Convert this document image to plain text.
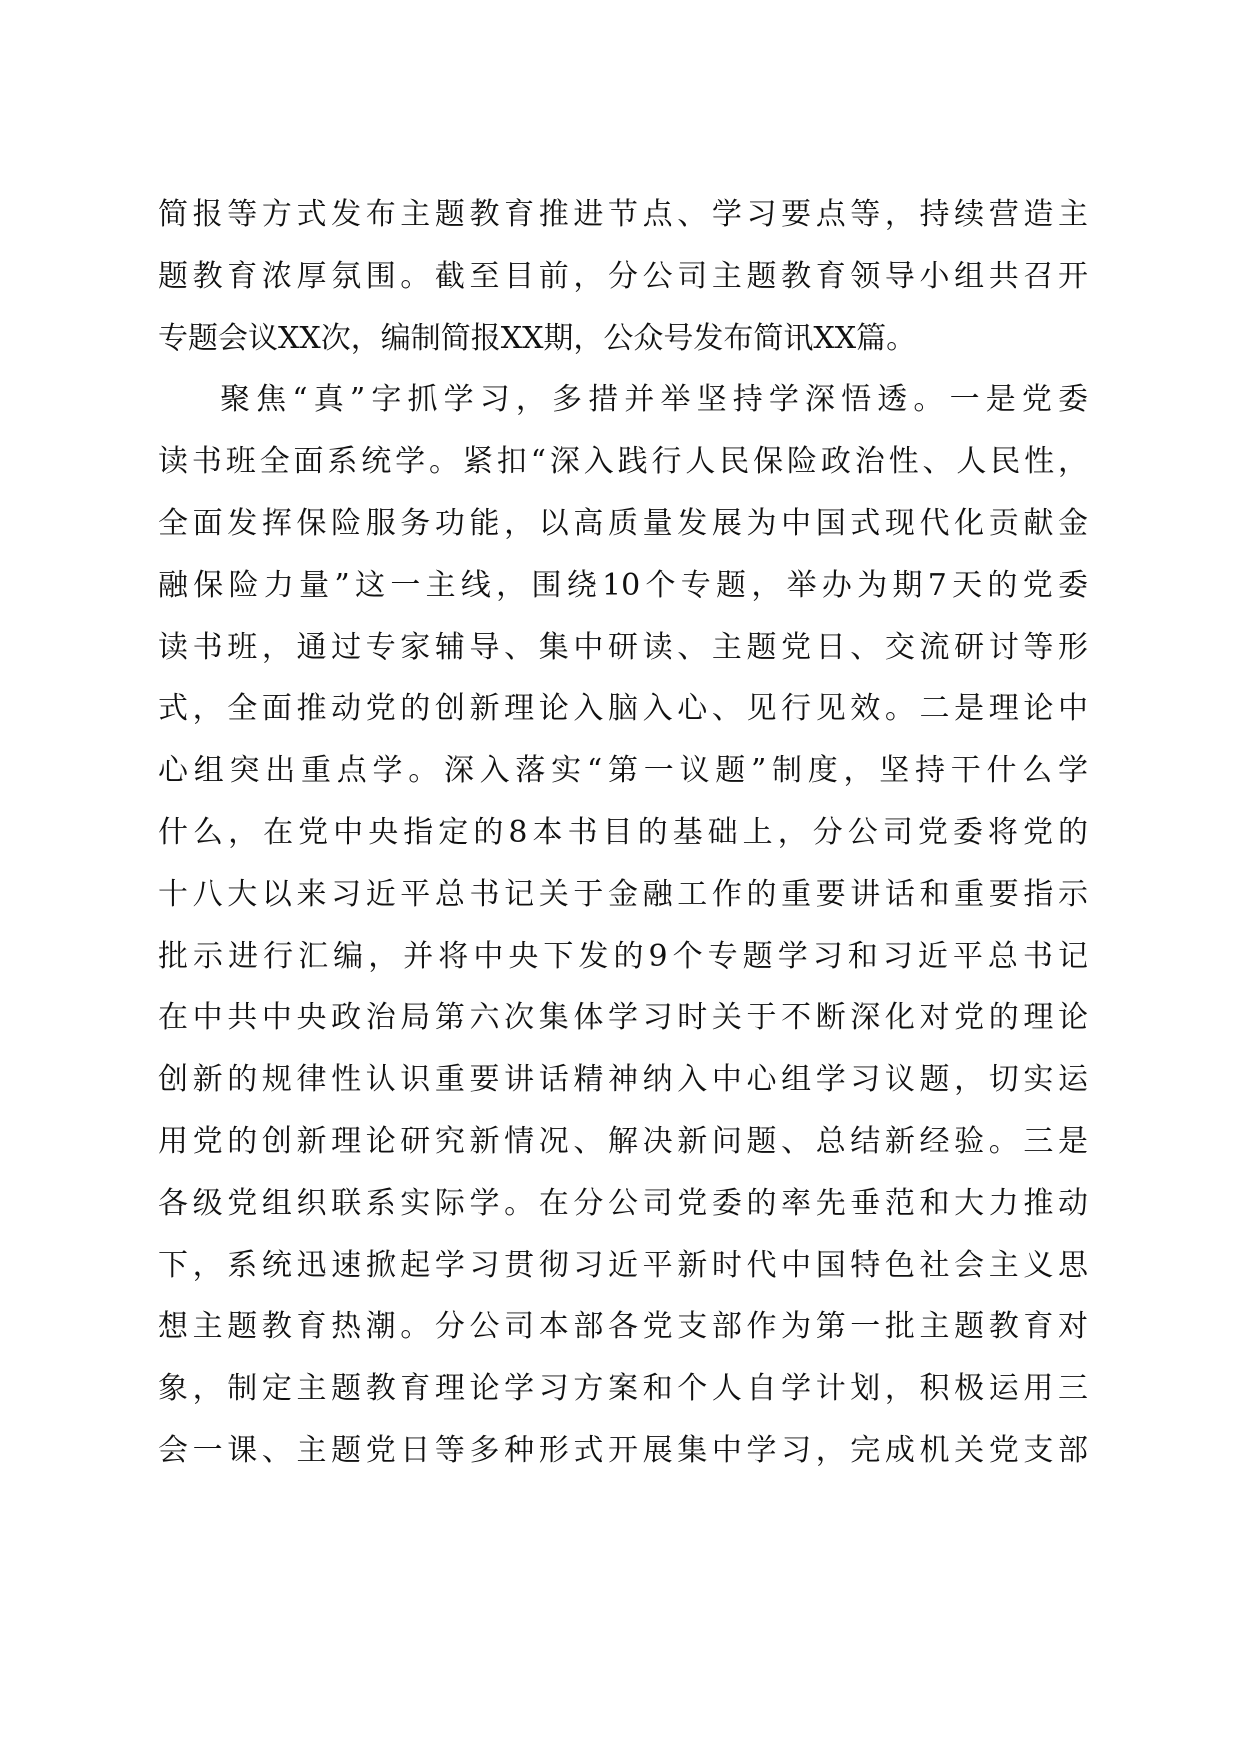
简报等方式发布主题教育推进节点、学习要点等，持续营造主
题教育浓厚氛围。截至目前，分公司主题教育领导小组共召开
专题会议XX次，编制简报XX期，公众号发布简讯XX篇。
聚焦“真”字抓学习，多措并举坚持学深悟透。一是党委
读书班全面系统学。紧扣“深入践行人民保险政治性、人民性，
全面发挥保险服务功能，以高质量发展为中国式现代化贡献金
融保险力量”这一主线，围绕10个专题，举办为期7天的党委
读书班，通过专家辅导、集中研读、主题党日、交流研讨等形
式，全面推动党的创新理论入脑入心、见行见效。二是理论中
心组突出重点学。深入落实“第一议题”制度，坚持干什么学
什么，在党中央指定的8本书目的基础上，分公司党委将党的
十八大以来习近平总书记关于金融工作的重要讲话和重要指示
批示进行汇编，并将中央下发的9个专题学习和习近平总书记
在中共中央政治局第六次集体学习时关于不断深化对党的理论
创新的规律性认识重要讲话精神纳入中心组学习议题，切实运
用党的创新理论研究新情况、解决新问题、总结新经验。三是
各级党组织联系实际学。在分公司党委的率先垂范和大力推动
下，系统迅速掀起学习贯彻习近平新时代中国特色社会主义思
想主题教育热潮。分公司本部各党支部作为第一批主题教育对
象，制定主题教育理论学习方案和个人自学计划，积极运用三
会一课、主题党日等多种形式开展集中学习，完成机关党支部
